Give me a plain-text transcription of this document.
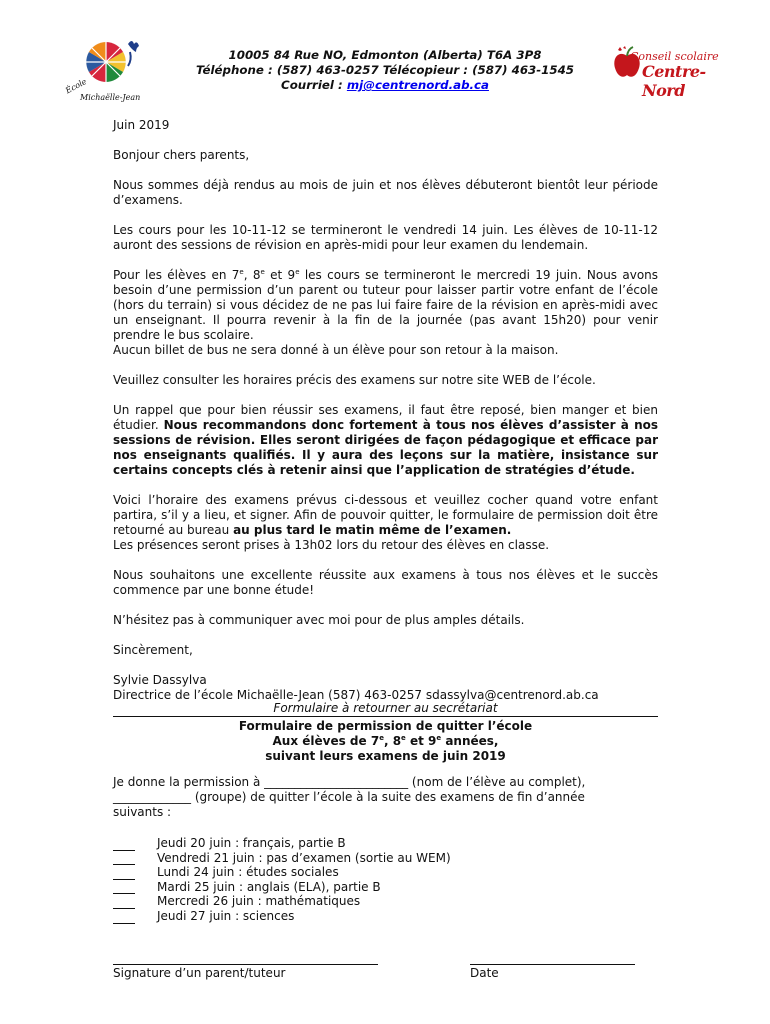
École
Michaëlle-Jean
10005 84 Rue NO, Edmonton (Alberta) T6A 3P8
Téléphone : (587) 463-0257 Télécopieur : (587) 463-1545
Courriel : mj@centrenord.ab.ca
Conseil scolaire
Centre-Nord

Juin 2019

Bonjour chers parents,

Nous sommes déjà rendus au mois de juin et nos élèves débuteront bientôt leur période d’examens.

Les cours pour les 10-11-12 se termineront le vendredi 14 juin. Les élèves de 10-11-12 auront des sessions de révision en après-midi pour leur examen du lendemain.

Pour les élèves en 7e, 8e et 9e les cours se termineront le mercredi 19 juin. Nous avons besoin d’une permission d’un parent ou tuteur pour laisser partir votre enfant de l’école (hors du terrain) si vous décidez de ne pas lui faire faire de la révision en après-midi avec un enseignant. Il pourra revenir à la fin de la journée (pas avant 15h20) pour venir prendre le bus scolaire.

Aucun billet de bus ne sera donné à un élève pour son retour à la maison.

Veuillez consulter les horaires précis des examens sur notre site WEB de l’école.

Un rappel que pour bien réussir ses examens, il faut être reposé, bien manger et bien étudier. Nous recommandons donc fortement à tous nos élèves d’assister à nos sessions de révision. Elles seront dirigées de façon pédagogique et efficace par nos enseignants qualifiés. Il y aura des leçons sur la matière, insistance sur certains concepts clés à retenir ainsi que l’application de stratégies d’étude.

Voici l’horaire des examens prévus ci-dessous et veuillez cocher quand votre enfant partira, s’il y a lieu, et signer. Afin de pouvoir quitter, le formulaire de permission doit être retourné au bureau au plus tard le matin même de l’examen.

Les présences seront prises à 13h02 lors du retour des élèves en classe.

Nous souhaitons une excellente réussite aux examens à tous nos élèves et le succès commence par une bonne étude!

N’hésitez pas à communiquer avec moi pour de plus amples détails.

Sincèrement,

Sylvie Dassylva

Directrice de l’école Michaëlle-Jean (587) 463-0257 sdassylva@centrenord.ab.ca

Formulaire à retourner au secrétariat
Formulaire de permission de quitter l’école
Aux élèves de 7e, 8e et 9e années,
suivant leurs examens de juin 2019

Je donne la permission à ________________________ (nom de l’élève au complet),

_____________ (groupe) de quitter l’école à la suite des examens de fin d’année

suivants :

Jeudi 20 juin : français, partie B
Vendredi 21 juin : pas d’examen (sortie au WEM)
Lundi 24 juin : études sociales
Mardi 25 juin : anglais (ELA), partie B
Mercredi 26 juin : mathématiques
Jeudi 27 juin : sciences
Signature d’un parent/tuteur	Date
